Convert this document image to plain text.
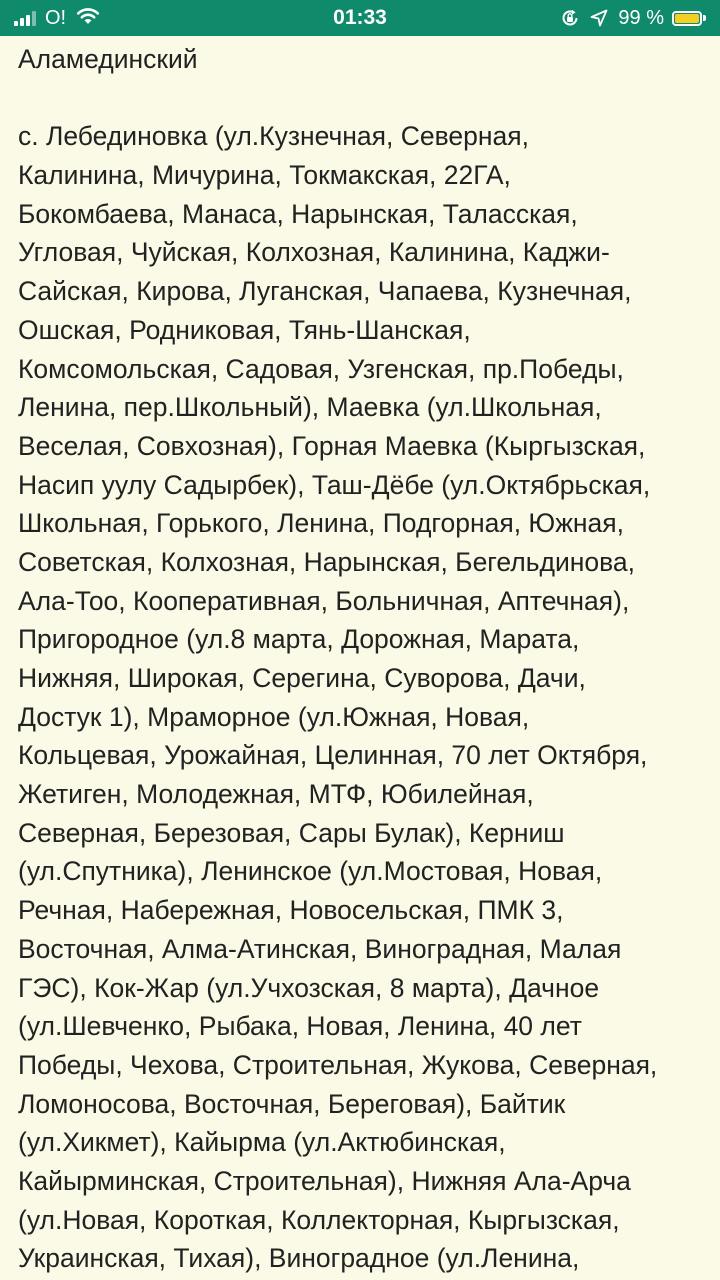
O!	01:33	99 %

Аламединский

с. Лебединовка (ул.Кузнечная, Северная,
Калинина, Мичурина, Токмакская, 22ГА,
Бокомбаева, Манаса, Нарынская, Таласская,
Угловая, Чуйская, Колхозная, Калинина, Каджи-
Сайская, Кирова, Луганская, Чапаева, Кузнечная,
Ошская, Родниковая, Тянь-Шанская,
Комсомольская, Садовая, Узгенская, пр.Победы,
Ленина, пер.Школьный), Маевка (ул.Школьная,
Веселая, Совхозная), Горная Маевка (Кыргызская,
Насип уулу Садырбек), Таш-Дёбе (ул.Октябрьская,
Школьная, Горького, Ленина, Подгорная, Южная,
Советская, Колхозная, Нарынская, Бегельдинова,
Ала-Тоо, Кооперативная, Больничная, Аптечная),
Пригородное (ул.8 марта, Дорожная, Марата,
Нижняя, Широкая, Серегина, Суворова, Дачи,
Достук 1), Мраморное (ул.Южная, Новая,
Кольцевая, Урожайная, Целинная, 70 лет Октября,
Жетиген, Молодежная, МТФ, Юбилейная,
Северная, Березовая, Сары Булак), Керниш
(ул.Спутника), Ленинское (ул.Мостовая, Новая,
Речная, Набережная, Новосельская, ПМК 3,
Восточная, Алма-Атинская, Виноградная, Малая
ГЭС), Кок-Жар (ул.Учхозская, 8 марта), Дачное
(ул.Шевченко, Рыбака, Новая, Ленина, 40 лет
Победы, Чехова, Строительная, Жукова, Северная,
Ломоносова, Восточная, Береговая), Байтик
(ул.Хикмет), Кайырма (ул.Актюбинская,
Кайырминская, Строительная), Нижняя Ала-Арча
(ул.Новая, Короткая, Коллекторная, Кыргызская,
Украинская, Тихая), Виноградное (ул.Ленина,
